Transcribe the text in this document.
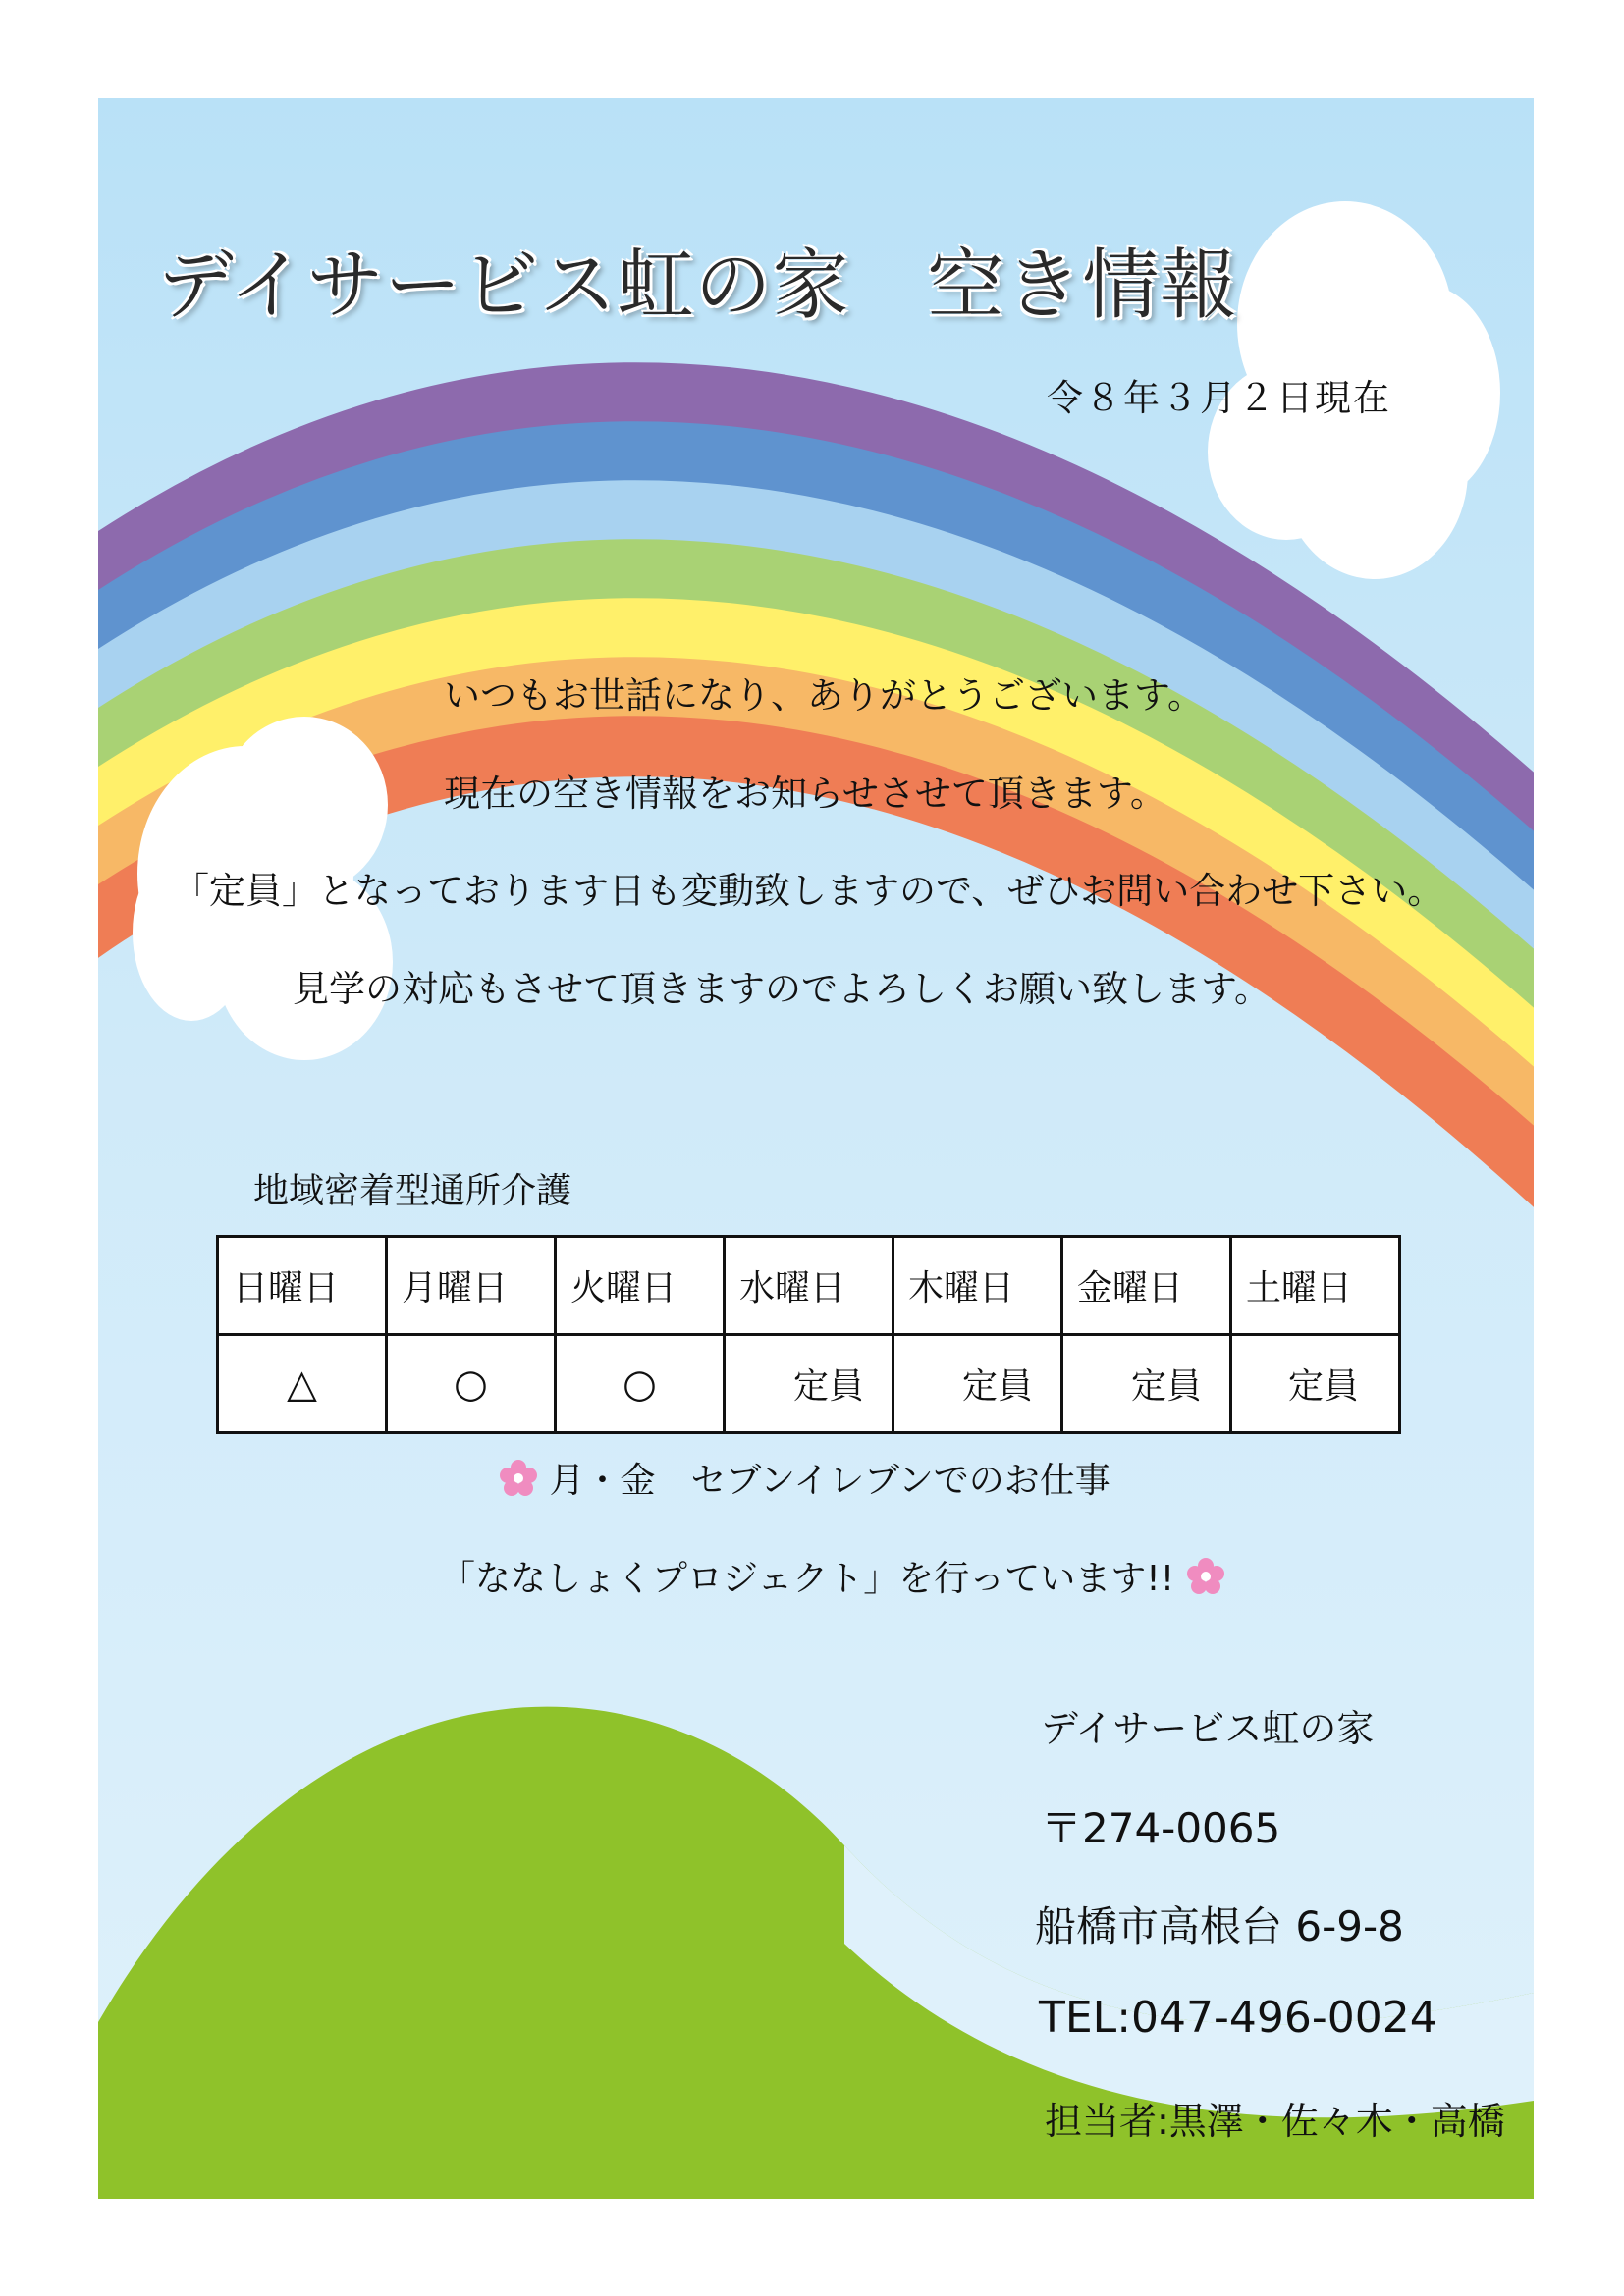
デイサービス虹の家　空き情報
令８年３月２日現在
いつもお世話になり、ありがとうございます。
現在の空き情報をお知らせさせて頂きます。
「定員」となっております日も変動致しますので、ぜひお問い合わせ下さい。
見学の対応もさせて頂きますのでよろしくお願い致します。
地域密着型通所介護
日曜日	月曜日	火曜日	水曜日	木曜日	金曜日	土曜日
△	○	○	定員	定員	定員	定員
月・金　セブンイレブンでのお仕事
「ななしょくプロジェクト」を行っています!!
デイサービス虹の家
〒274-0065
船橋市高根台 6-9-8
TEL:047-496-0024
担当者:黒澤・佐々木・高橋
